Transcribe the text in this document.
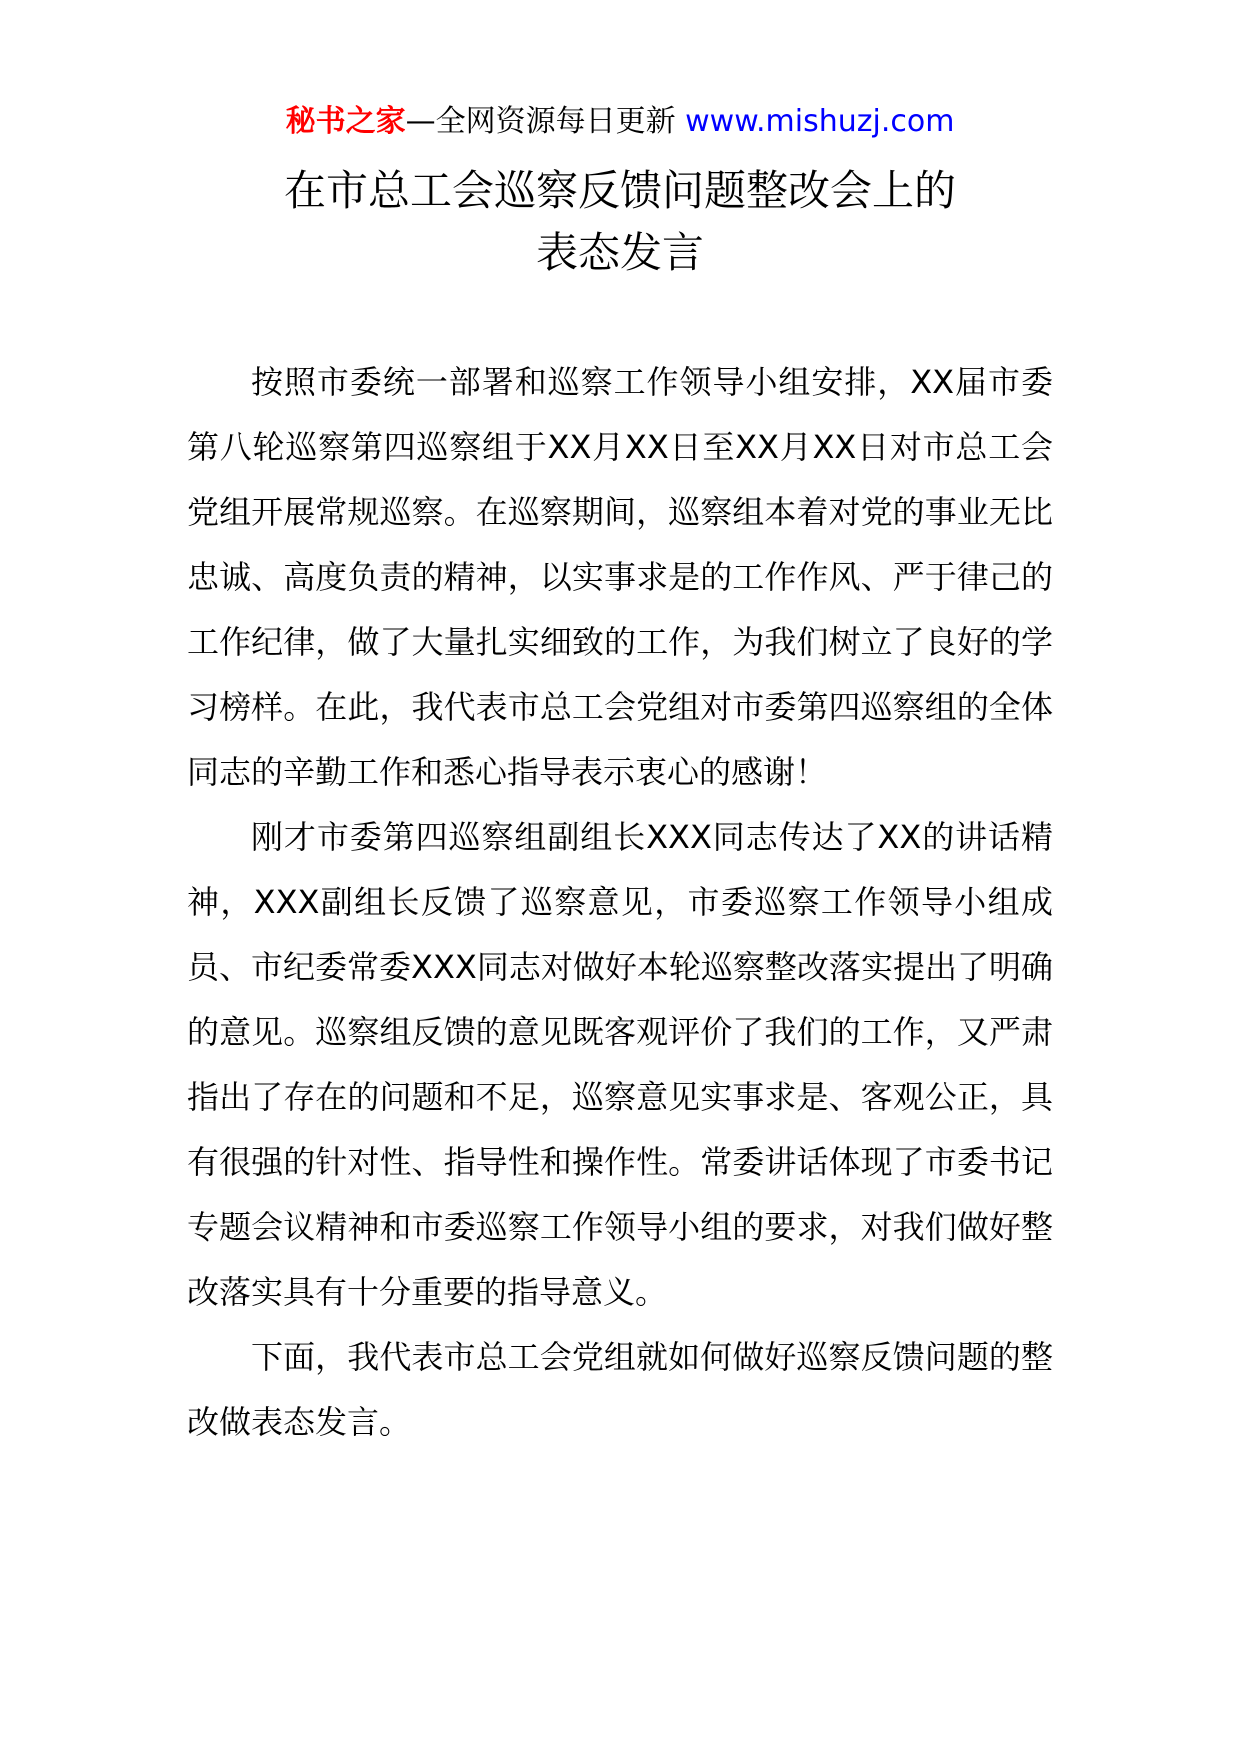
秘书之家—全网资源每日更新 www.mishuzj.com
在市总工会巡察反馈问题整改会上的
表态发言

按照市委统一部署和巡察工作领导小组安排，XX届市委第八轮巡察第四巡察组于XX月XX日至XX月XX日对市总工会党组开展常规巡察。在巡察期间，巡察组本着对党的事业无比忠诚、高度负责的精神，以实事求是的工作作风、严于律己的工作纪律，做了大量扎实细致的工作，为我们树立了良好的学习榜样。在此，我代表市总工会党组对市委第四巡察组的全体同志的辛勤工作和悉心指导表示衷心的感谢！

刚才市委第四巡察组副组长XXX同志传达了XX的讲话精神，XXX副组长反馈了巡察意见，市委巡察工作领导小组成员、市纪委常委XXX同志对做好本轮巡察整改落实提出了明确的意见。巡察组反馈的意见既客观评价了我们的工作，又严肃指出了存在的问题和不足，巡察意见实事求是、客观公正，具有很强的针对性、指导性和操作性。常委讲话体现了市委书记专题会议精神和市委巡察工作领导小组的要求，对我们做好整改落实具有十分重要的指导意义。

下面，我代表市总工会党组就如何做好巡察反馈问题的整改做表态发言。
